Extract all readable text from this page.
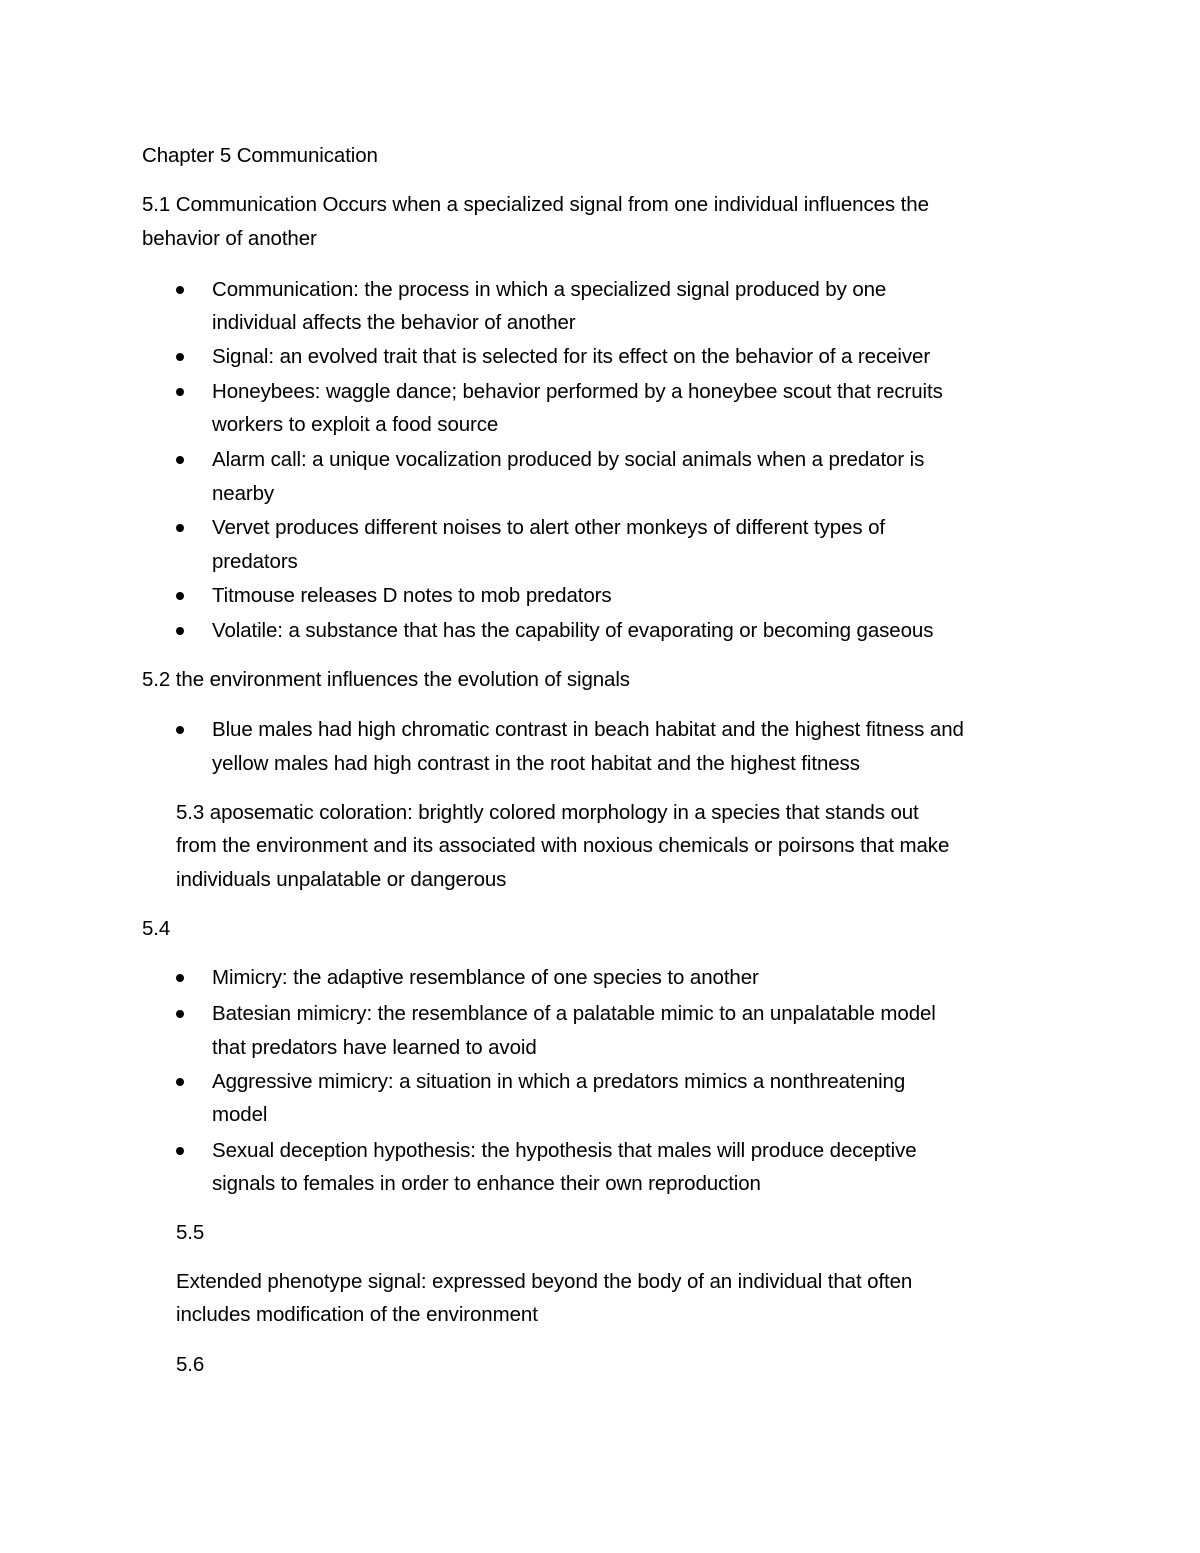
Chapter 5 Communication
5.1 Communication Occurs when a specialized signal from one individual influences the
behavior of another
Communication: the process in which a specialized signal produced by one
individual affects the behavior of another
Signal: an evolved trait that is selected for its effect on the behavior of a receiver
Honeybees: waggle dance; behavior performed by a honeybee scout that recruits
workers to exploit a food source
Alarm call: a unique vocalization produced by social animals when a predator is
nearby
Vervet produces different noises to alert other monkeys of different types of
predators
Titmouse releases D notes to mob predators
Volatile: a substance that has the capability of evaporating or becoming gaseous
5.2 the environment influences the evolution of signals
Blue males had high chromatic contrast in beach habitat and the highest fitness and
yellow males had high contrast in the root habitat and the highest fitness
5.3 aposematic coloration: brightly colored morphology in a species that stands out
from the environment and its associated with noxious chemicals or poirsons that make
individuals unpalatable or dangerous
5.4
Mimicry: the adaptive resemblance of one species to another
Batesian mimicry: the resemblance of a palatable mimic to an unpalatable model
that predators have learned to avoid
Aggressive mimicry: a situation in which a predators mimics a nonthreatening
model
Sexual deception hypothesis: the hypothesis that males will produce deceptive
signals to females in order to enhance their own reproduction
5.5
Extended phenotype signal: expressed beyond the body of an individual that often
includes modification of the environment
5.6
